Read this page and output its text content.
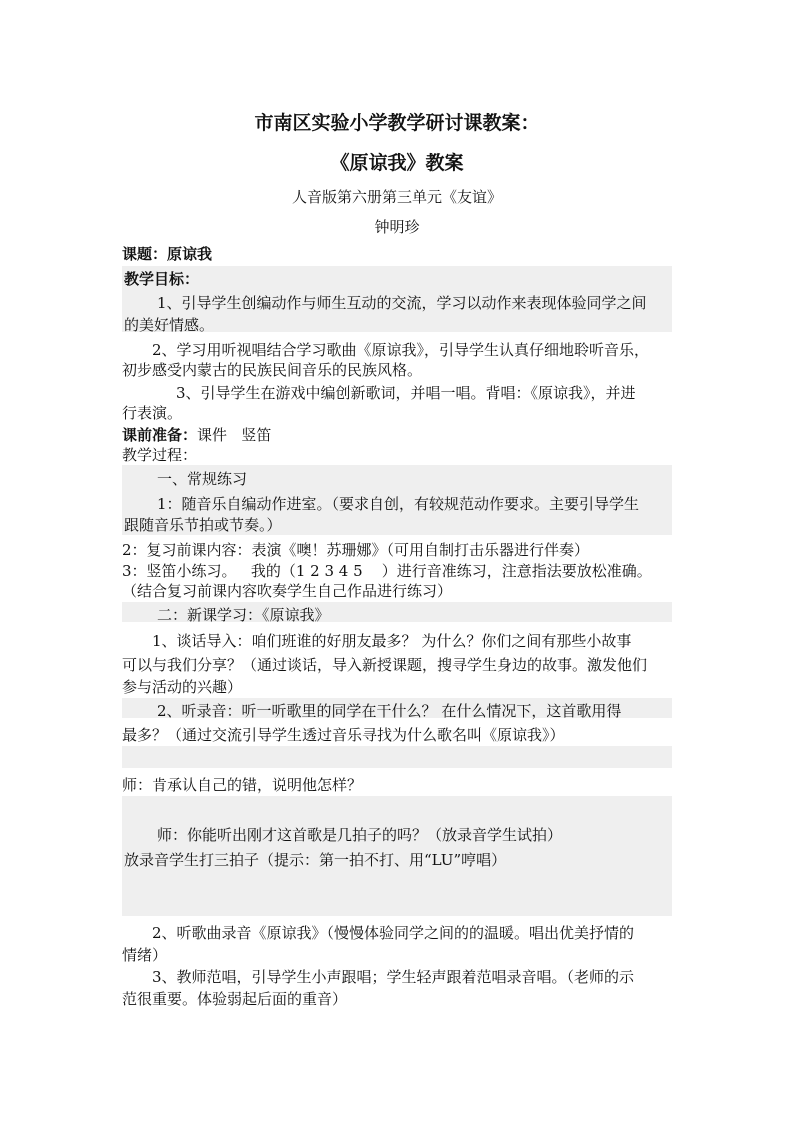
市南区实验小学教学研讨课教案：
《原谅我》教案
人音版第六册第三单元《友谊》
钟明珍
课题：原谅我
教学目标：
1、引导学生创编动作与师生互动的交流，学习以动作来表现体验同学之间
的美好情感。
2、学习用听视唱结合学习歌曲《原谅我》，引导学生认真仔细地聆听音乐，
初步感受内蒙古的民族民间音乐的民族风格。
3、引导学生在游戏中编创新歌词，并唱一唱。背唱：《原谅我》，并进
行表演。
课前准备：课件   竖笛
教学过程：
一、常规练习
1：随音乐自编动作进室。（要求自创，有较规范动作要求。主要引导学生
跟随音乐节拍或节奏。）
2：复习前课内容：表演《噢！苏珊娜》（可用自制打击乐器进行伴奏）
3：竖笛小练习。   我的（1 2 3 4 5    ）进行音准练习，注意指法要放松准确。
（结合复习前课内容吹奏学生自己作品进行练习）
二：新课学习：《原谅我》
1、谈话导入：咱们班谁的好朋友最多？ 为什么？你们之间有那些小故事
可以与我们分享？（通过谈话，导入新授课题，搜寻学生身边的故事。激发他们
参与活动的兴趣）
2、听录音：听一听歌里的同学在干什么？ 在什么情况下，这首歌用得
最多？（通过交流引导学生透过音乐寻找为什么歌名叫《原谅我》）
师：肯承认自己的错，说明他怎样？
师：你能听出刚才这首歌是几拍子的吗？（放录音学生试拍）
放录音学生打三拍子（提示：第一拍不打、用“LU”哼唱）
2、听歌曲录音《原谅我》（慢慢体验同学之间的的温暖。唱出优美抒情的
情绪）
3、教师范唱，引导学生小声跟唱；学生轻声跟着范唱录音唱。（老师的示
范很重要。体验弱起后面的重音）
